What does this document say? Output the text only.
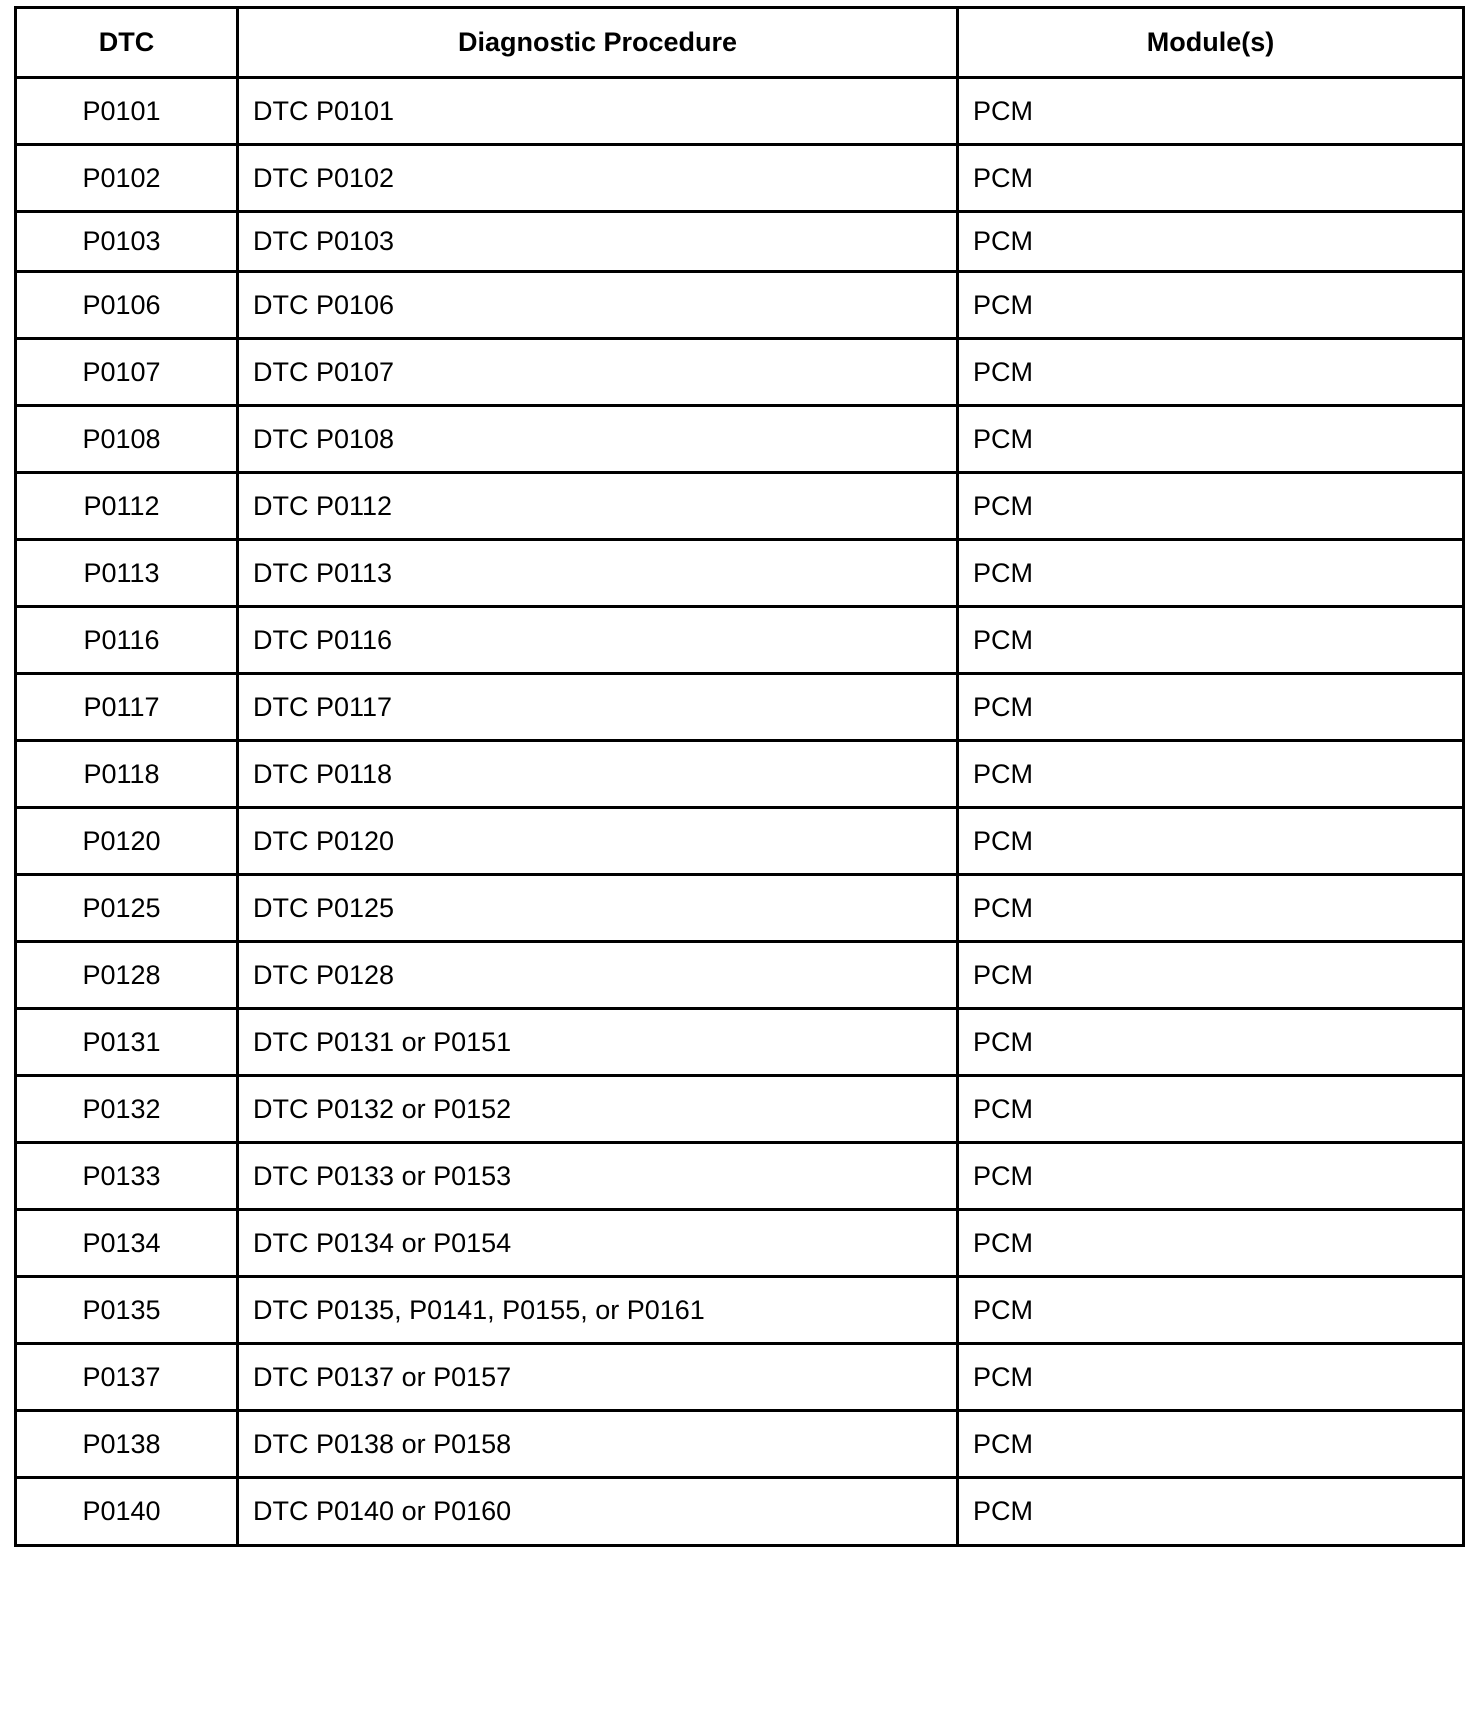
DTC	Diagnostic Procedure	Module(s)
P0101	DTC P0101	PCM
P0102	DTC P0102	PCM
P0103	DTC P0103	PCM
P0106	DTC P0106	PCM
P0107	DTC P0107	PCM
P0108	DTC P0108	PCM
P0112	DTC P0112	PCM
P0113	DTC P0113	PCM
P0116	DTC P0116	PCM
P0117	DTC P0117	PCM
P0118	DTC P0118	PCM
P0120	DTC P0120	PCM
P0125	DTC P0125	PCM
P0128	DTC P0128	PCM
P0131	DTC P0131 or P0151	PCM
P0132	DTC P0132 or P0152	PCM
P0133	DTC P0133 or P0153	PCM
P0134	DTC P0134 or P0154	PCM
P0135	DTC P0135, P0141, P0155, or P0161	PCM
P0137	DTC P0137 or P0157	PCM
P0138	DTC P0138 or P0158	PCM
P0140	DTC P0140 or P0160	PCM
